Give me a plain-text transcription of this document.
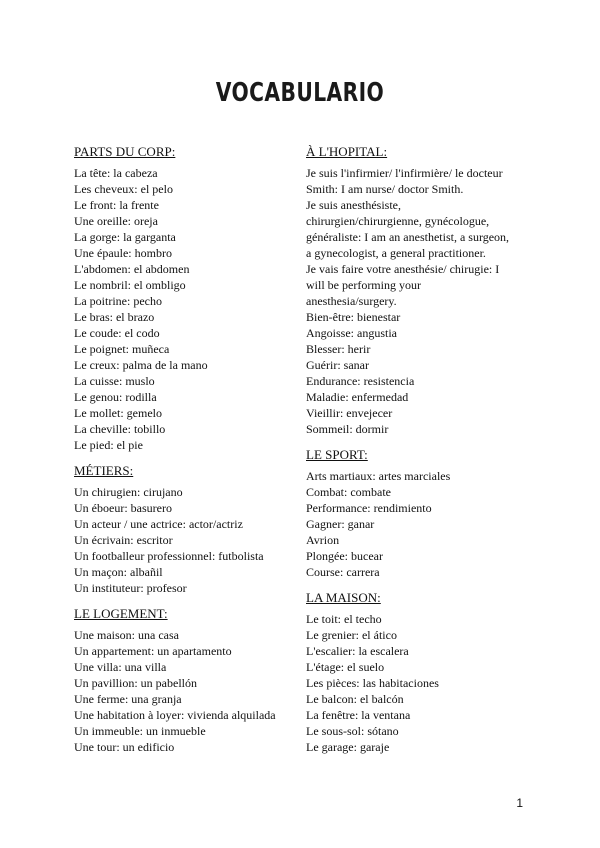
VOCABULARIO
PARTS DU CORP:
La tête: la cabeza
Les cheveux: el pelo
Le front: la frente
Une oreille: oreja
La gorge: la garganta
Une épaule: hombro
L'abdomen: el abdomen
Le nombril: el ombligo
La poitrine: pecho
Le bras: el brazo
Le coude: el codo
Le poignet: muñeca
Le creux: palma de la mano
La cuisse: muslo
Le genou: rodilla
Le mollet: gemelo
La cheville: tobillo
Le pied: el pie
MÉTIERS:
Un chirugien: cirujano
Un éboeur: basurero
Un acteur / une actrice: actor/actriz
Un écrivain: escritor
Un footballeur professionnel: futbolista
Un maçon: albañil
Un instituteur: profesor
LE LOGEMENT:
Une maison: una casa
Un appartement: un apartamento
Une villa: una villa
Un pavillion: un pabellón
Une ferme: una granja
Une habitation à loyer: vivienda alquilada
Un immeuble: un inmueble
Une tour: un edificio
À L'HOPITAL:
Je suis l'infirmier/ l'infirmière/ le docteur
Smith: I am nurse/ doctor Smith.
Je suis anesthésiste,
chirurgien/chirurgienne, gynécologue,
généraliste: I am an anesthetist, a surgeon,
a gynecologist, a general practitioner.
Je vais faire votre anesthésie/ chirugie: I
will be performing your
anesthesia/surgery.
Bien-être: bienestar
Angoisse: angustia
Blesser: herir
Guérir: sanar
Endurance: resistencia
Maladie: enfermedad
Vieillir: envejecer
Sommeil: dormir
LE SPORT:
Arts martiaux: artes marciales
Combat: combate
Performance: rendimiento
Gagner: ganar
Avrion
Plongée: bucear
Course: carrera
LA MAISON:
Le toit: el techo
Le grenier: el ático
L'escalier: la escalera
L'étage: el suelo
Les pièces: las habitaciones
Le balcon: el balcón
La fenêtre: la ventana
Le sous-sol: sótano
Le garage: garaje
1
